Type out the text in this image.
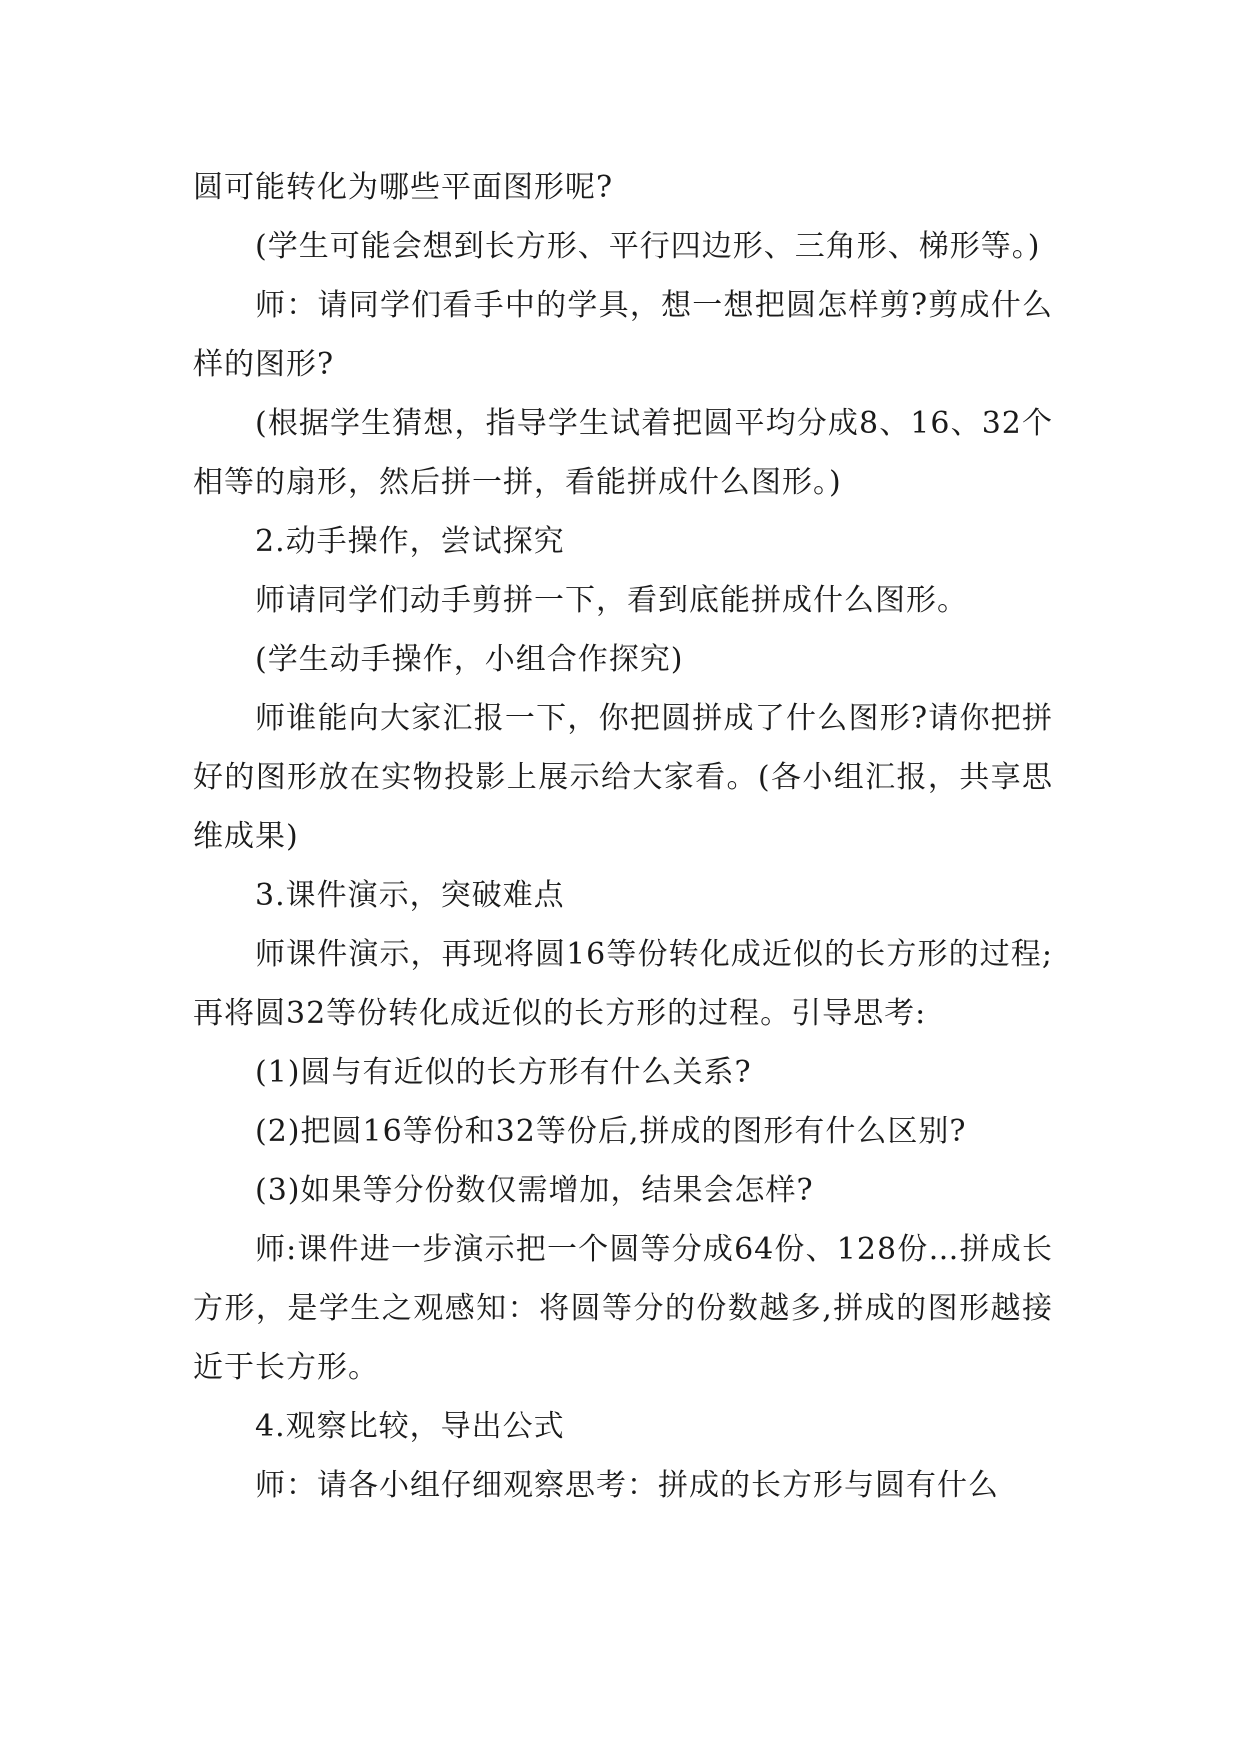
圆可能转化为哪些平面图形呢?

(学生可能会想到长方形、平行四边形、三角形、梯形等。)

师：请同学们看手中的学具，想一想把圆怎样剪?剪成什么样的图形?

(根据学生猜想，指导学生试着把圆平均分成8、16、32个相等的扇形，然后拼一拼，看能拼成什么图形。)

2.动手操作，尝试探究

师请同学们动手剪拼一下，看到底能拼成什么图形。

(学生动手操作，小组合作探究)

师谁能向大家汇报一下，你把圆拼成了什么图形?请你把拼好的图形放在实物投影上展示给大家看。(各小组汇报，共享思维成果)

3.课件演示，突破难点

师课件演示，再现将圆16等份转化成近似的长方形的过程;再将圆32等份转化成近似的长方形的过程。引导思考:

(1)圆与有近似的长方形有什么关系?

(2)把圆16等份和32等份后,拼成的图形有什么区别?

(3)如果等分份数仅需增加，结果会怎样?

师:课件进一步演示把一个圆等分成64份、128份…拼成长方形，是学生之观感知：将圆等分的份数越多,拼成的图形越接近于长方形。

4.观察比较，导出公式

师：请各小组仔细观察思考：拼成的长方形与圆有什么
